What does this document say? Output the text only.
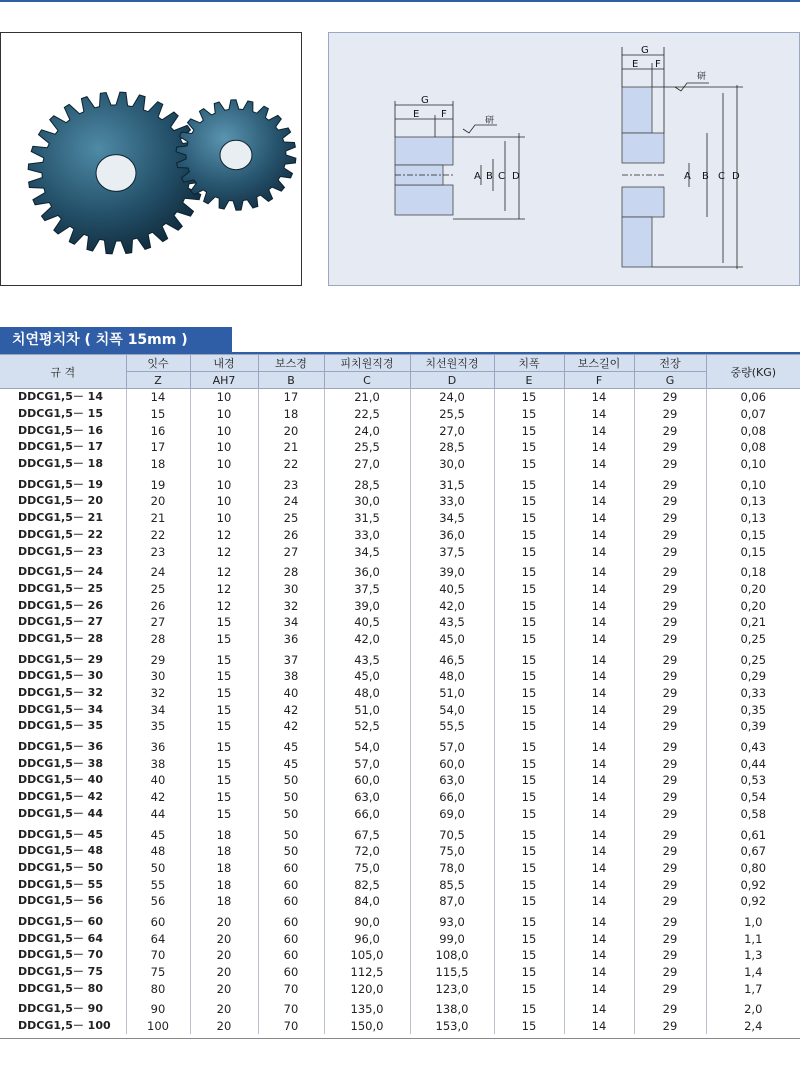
G
E F
A B C D
研
G
E F
A B C D
研
치연평치차 ( 치폭 15mm )
규 격	잇수	내경	보스경	피치원직경	치선원직경	치폭	보스길이	전장	중량(KG)
	Z	AH7	B	C	D	E	F	G	
DDCG1,5－ 14	14	10	17	21,0	24,0	15	14	29	0,06
DDCG1,5－ 15	15	10	18	22,5	25,5	15	14	29	0,07
DDCG1,5－ 16	16	10	20	24,0	27,0	15	14	29	0,08
DDCG1,5－ 17	17	10	21	25,5	28,5	15	14	29	0,08
DDCG1,5－ 18	18	10	22	27,0	30,0	15	14	29	0,10
DDCG1,5－ 19	19	10	23	28,5	31,5	15	14	29	0,10
DDCG1,5－ 20	20	10	24	30,0	33,0	15	14	29	0,13
DDCG1,5－ 21	21	10	25	31,5	34,5	15	14	29	0,13
DDCG1,5－ 22	22	12	26	33,0	36,0	15	14	29	0,15
DDCG1,5－ 23	23	12	27	34,5	37,5	15	14	29	0,15
DDCG1,5－ 24	24	12	28	36,0	39,0	15	14	29	0,18
DDCG1,5－ 25	25	12	30	37,5	40,5	15	14	29	0,20
DDCG1,5－ 26	26	12	32	39,0	42,0	15	14	29	0,20
DDCG1,5－ 27	27	15	34	40,5	43,5	15	14	29	0,21
DDCG1,5－ 28	28	15	36	42,0	45,0	15	14	29	0,25
DDCG1,5－ 29	29	15	37	43,5	46,5	15	14	29	0,25
DDCG1,5－ 30	30	15	38	45,0	48,0	15	14	29	0,29
DDCG1,5－ 32	32	15	40	48,0	51,0	15	14	29	0,33
DDCG1,5－ 34	34	15	42	51,0	54,0	15	14	29	0,35
DDCG1,5－ 35	35	15	42	52,5	55,5	15	14	29	0,39
DDCG1,5－ 36	36	15	45	54,0	57,0	15	14	29	0,43
DDCG1,5－ 38	38	15	45	57,0	60,0	15	14	29	0,44
DDCG1,5－ 40	40	15	50	60,0	63,0	15	14	29	0,53
DDCG1,5－ 42	42	15	50	63,0	66,0	15	14	29	0,54
DDCG1,5－ 44	44	15	50	66,0	69,0	15	14	29	0,58
DDCG1,5－ 45	45	18	50	67,5	70,5	15	14	29	0,61
DDCG1,5－ 48	48	18	50	72,0	75,0	15	14	29	0,67
DDCG1,5－ 50	50	18	60	75,0	78,0	15	14	29	0,80
DDCG1,5－ 55	55	18	60	82,5	85,5	15	14	29	0,92
DDCG1,5－ 56	56	18	60	84,0	87,0	15	14	29	0,92
DDCG1,5－ 60	60	20	60	90,0	93,0	15	14	29	1,0
DDCG1,5－ 64	64	20	60	96,0	99,0	15	14	29	1,1
DDCG1,5－ 70	70	20	60	105,0	108,0	15	14	29	1,3
DDCG1,5－ 75	75	20	60	112,5	115,5	15	14	29	1,4
DDCG1,5－ 80	80	20	70	120,0	123,0	15	14	29	1,7
DDCG1,5－ 90	90	20	70	135,0	138,0	15	14	29	2,0
DDCG1,5－ 100	100	20	70	150,0	153,0	15	14	29	2,4
